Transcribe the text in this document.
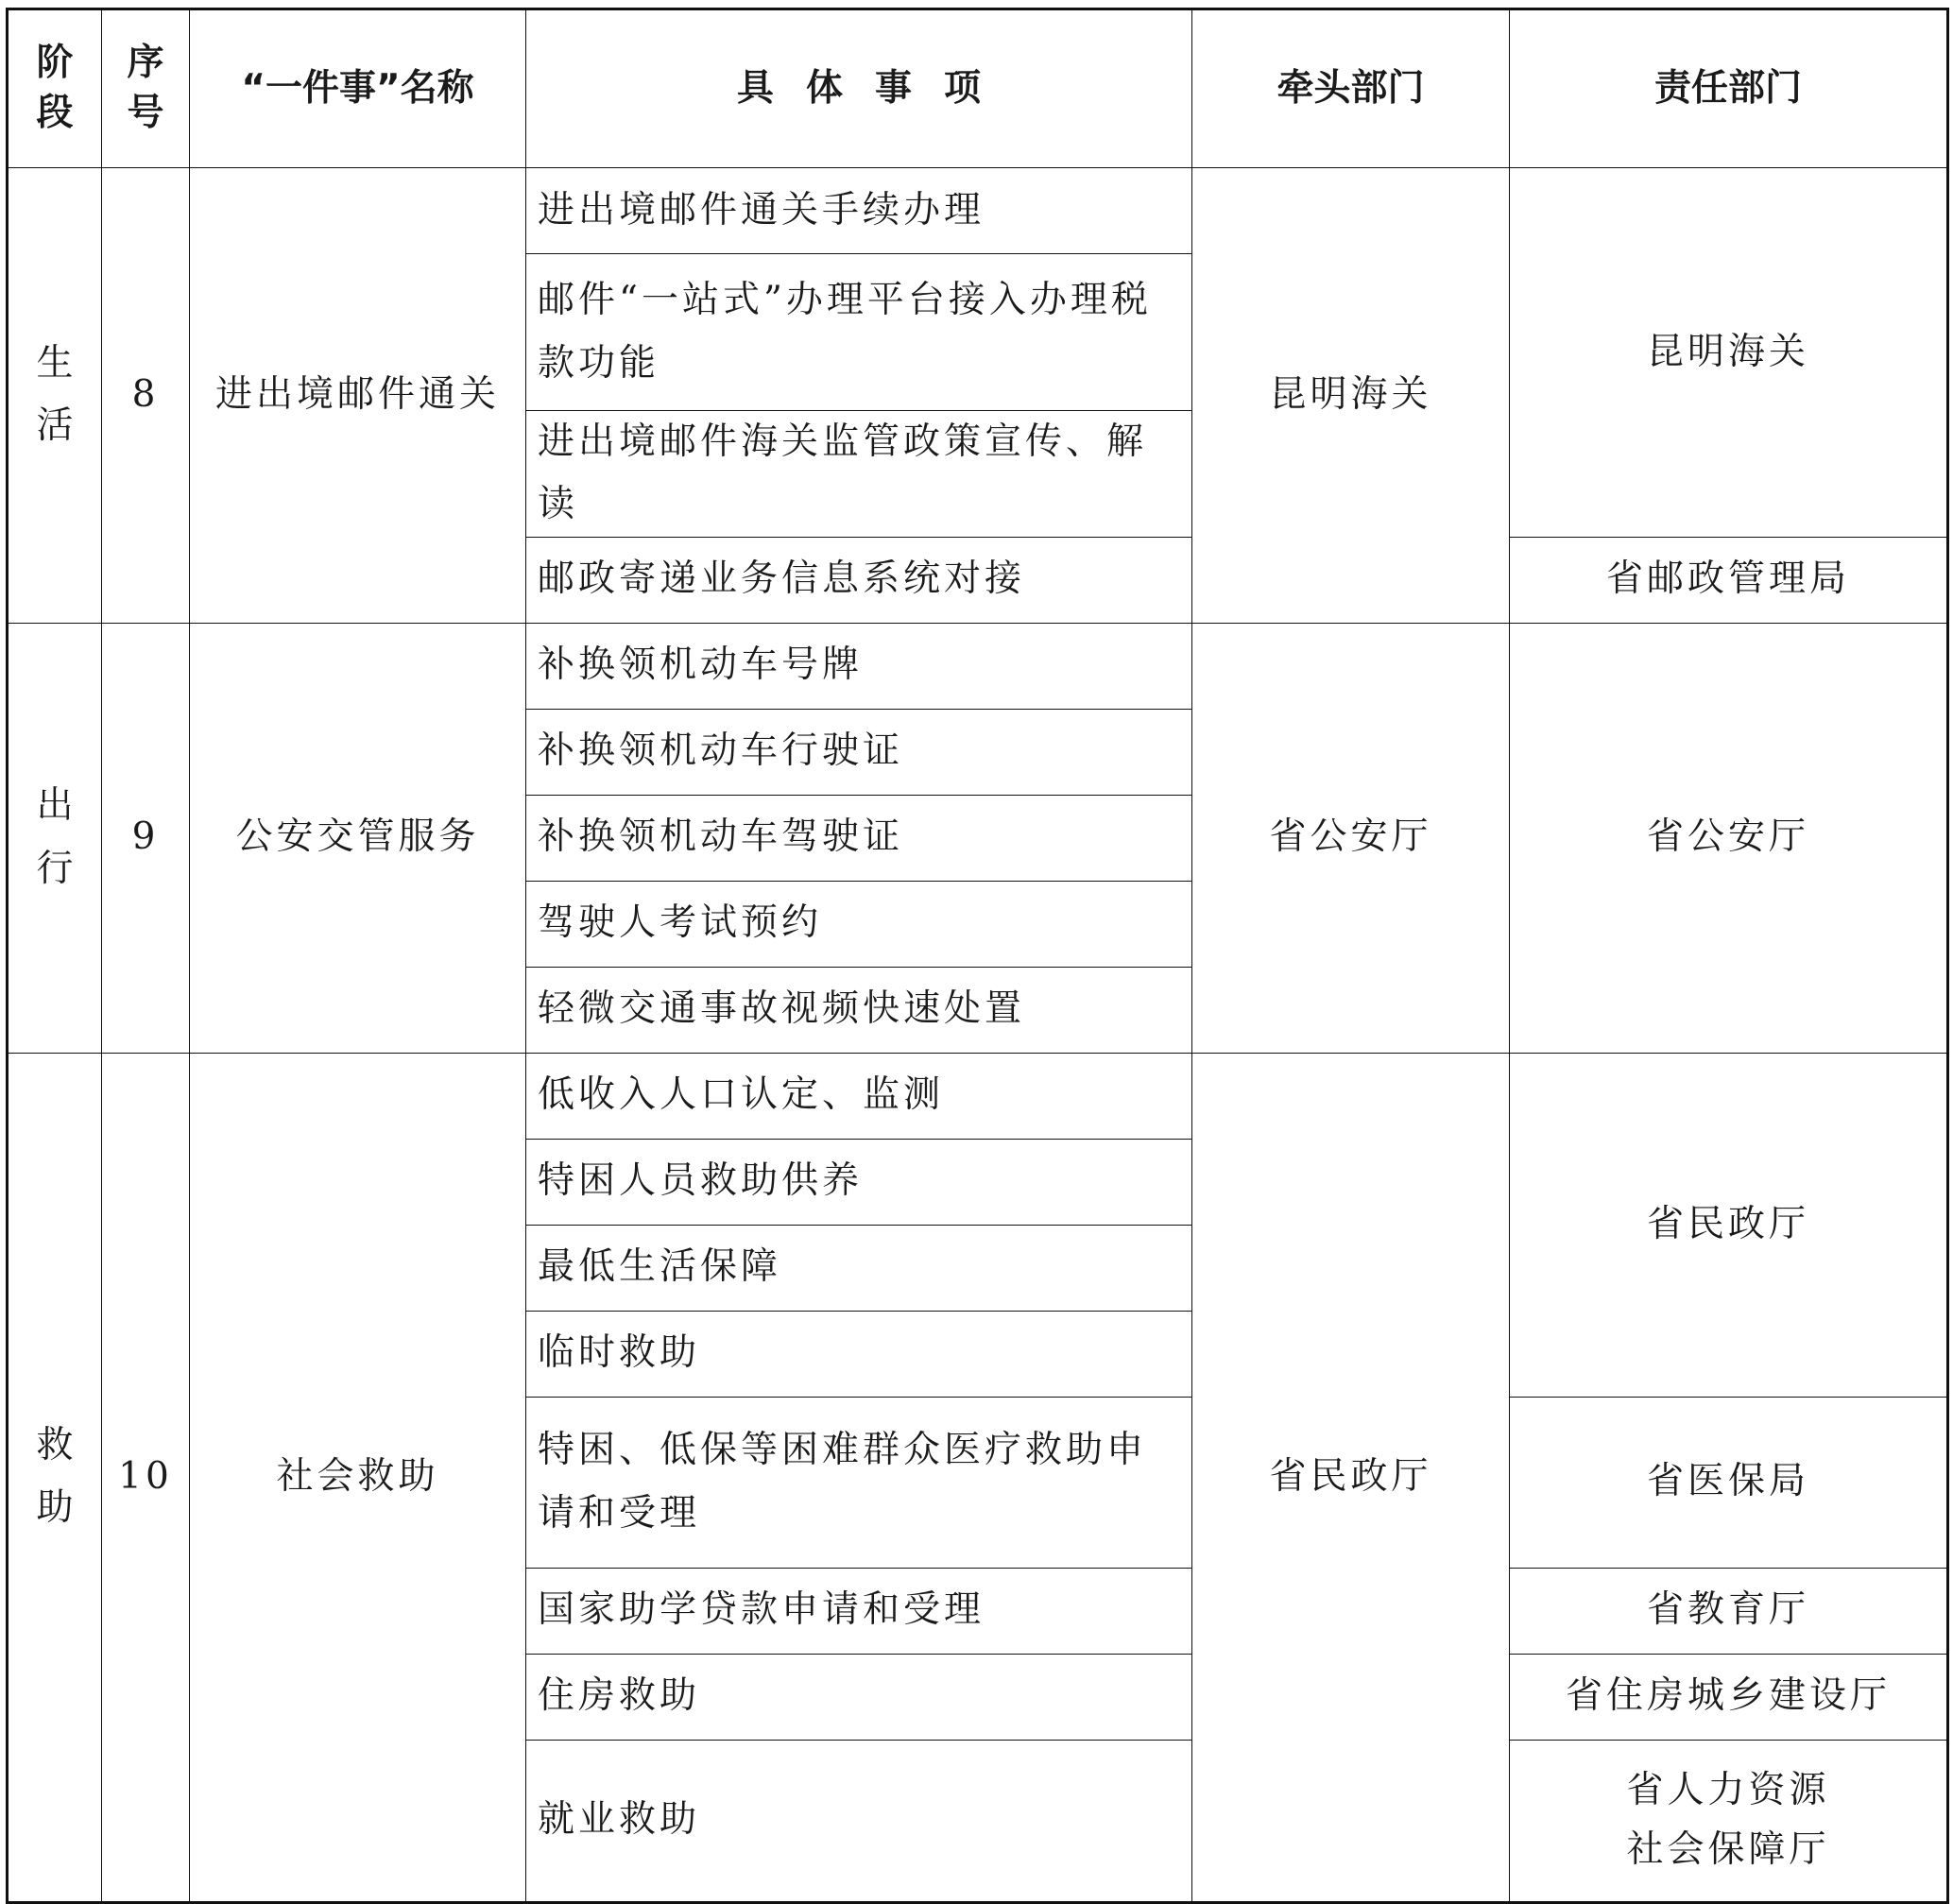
阶段	序号	“一件事”名称	具体事项	牵头部门	责任部门
生活	8	进出境邮件通关	进出境邮件通关手续办理	昆明海关	昆明海关
			邮件“一站式”办理平台接入办理税款功能		
			进出境邮件海关监管政策宣传、解读		
			邮政寄递业务信息系统对接		省邮政管理局
出行	9	公安交管服务	补换领机动车号牌	省公安厅	省公安厅
			补换领机动车行驶证		
			补换领机动车驾驶证		
			驾驶人考试预约		
			轻微交通事故视频快速处置		
救助	10	社会救助	低收入人口认定、监测	省民政厅	省民政厅
			特困人员救助供养		
			最低生活保障		
			临时救助		
			特困、低保等困难群众医疗救助申请和受理		省医保局
			国家助学贷款申请和受理		省教育厅
			住房救助		省住房城乡建设厅
			就业救助		省人力资源社会保障厅
